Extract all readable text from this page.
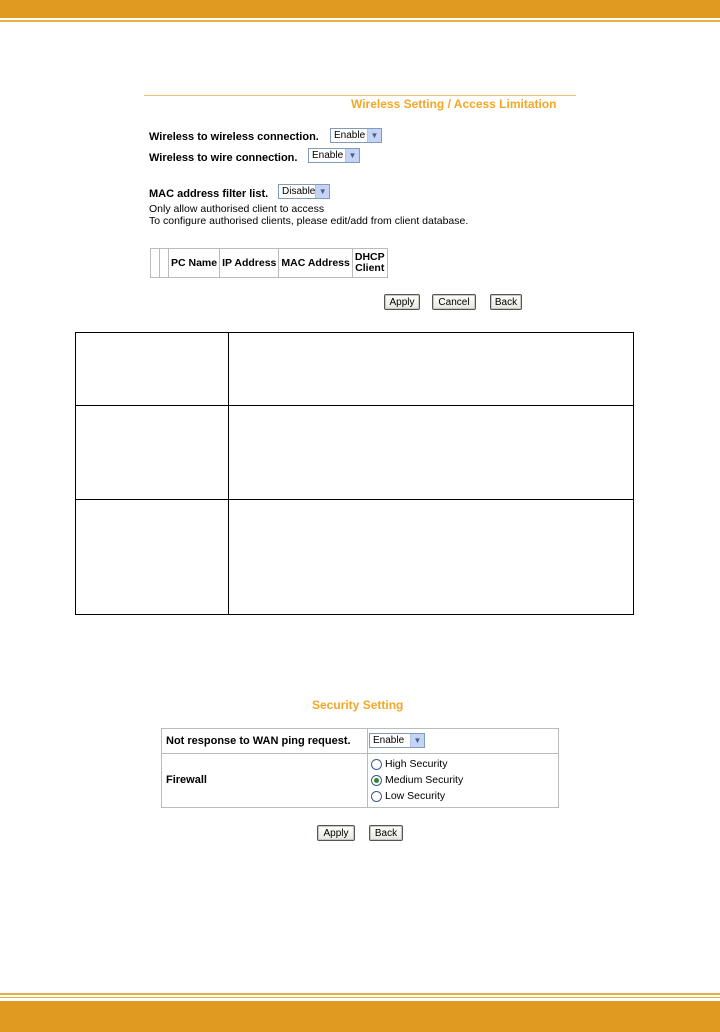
Wireless Setting / Access Limitation
Wireless to wireless connection.	Enable ▼
Wireless to wire connection.	Enable ▼
MAC address filter list.	Disable ▼
Only allow authorised client to access
To configure authorised clients, please edit/add from client database.
		PC Name	IP Address	MAC Address	DHCP
Client
Apply	Cancel	Back
Security Setting
Not response to WAN ping request.	Enable	▼
Firewall
High Security
Medium Security
Low Security
Apply	Back
